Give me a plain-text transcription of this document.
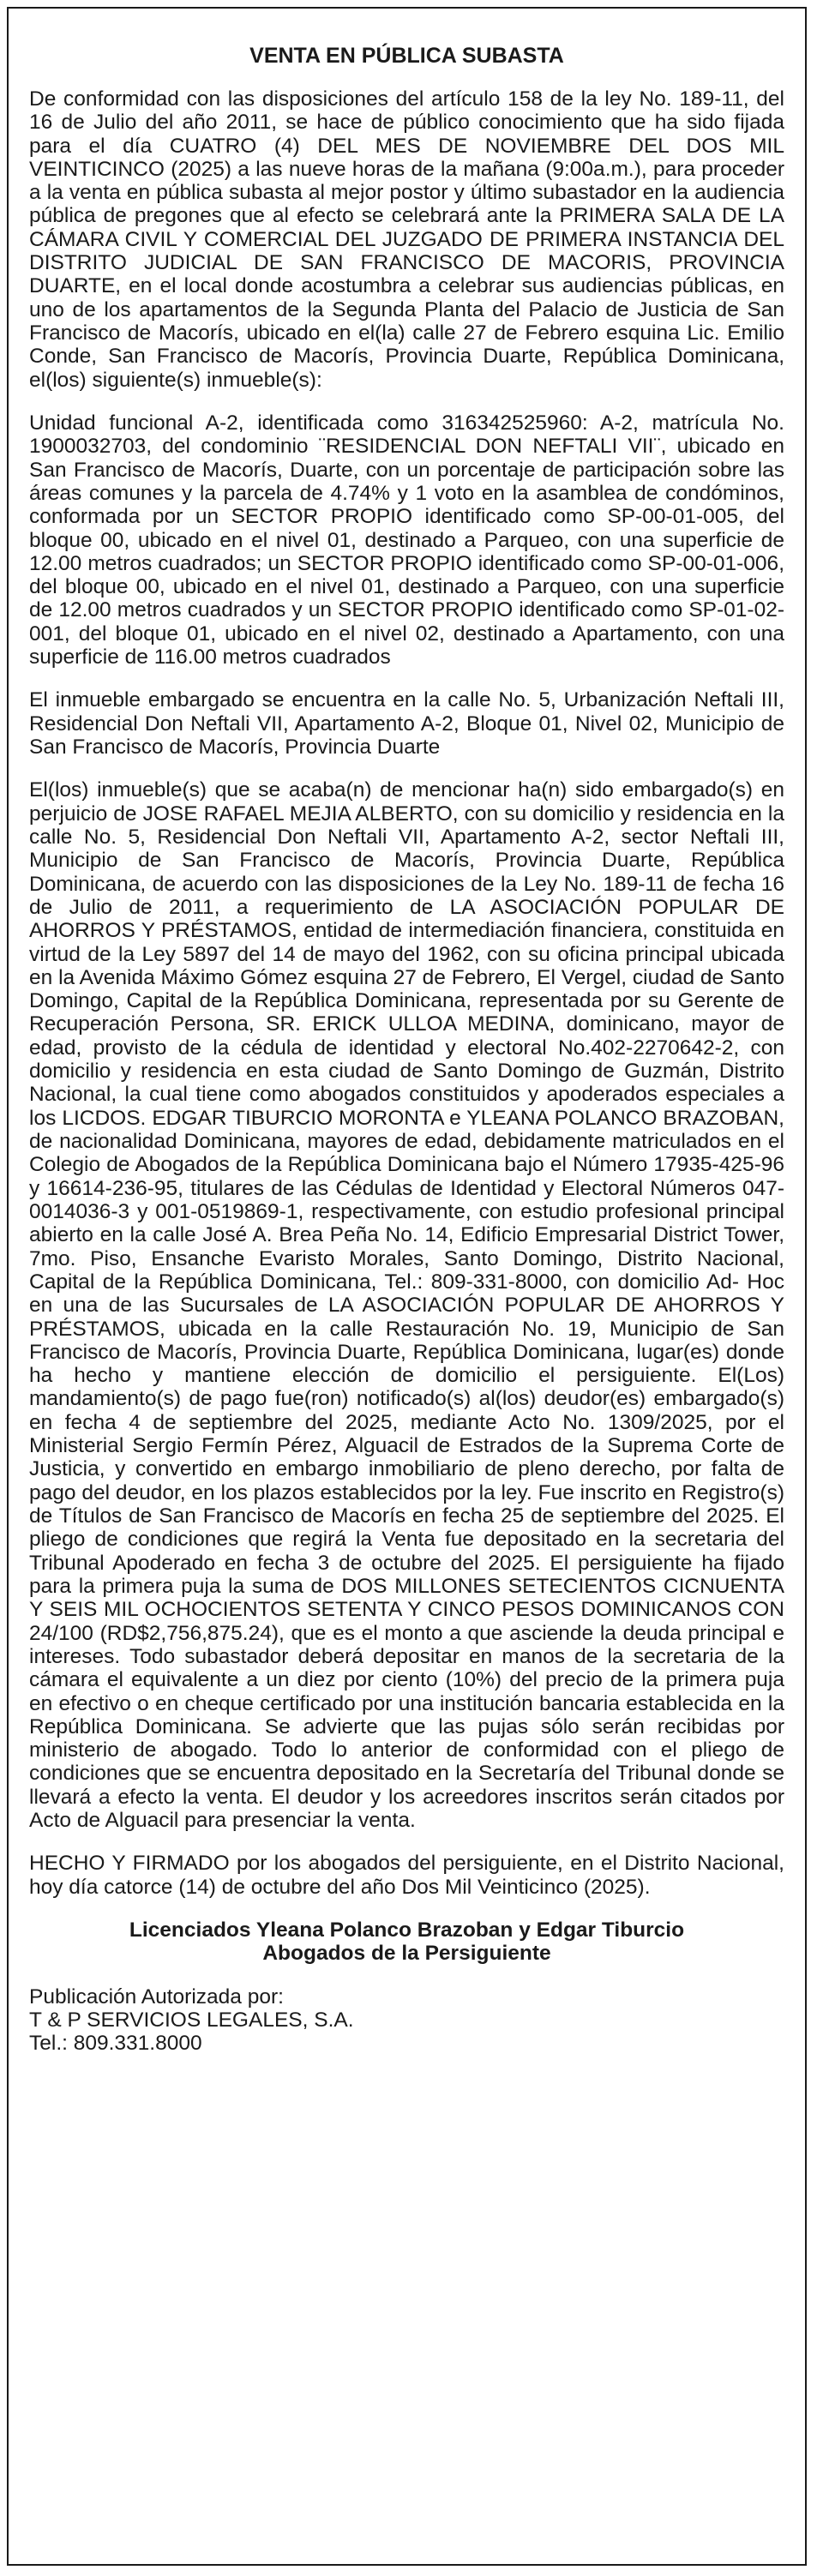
VENTA EN PÚBLICA SUBASTA
De conformidad con las disposiciones del artículo 158 de la ley No. 189-11, del 16 de Julio del año 2011, se hace de público conocimiento que ha sido fijada para el día CUATRO (4) DEL MES DE NOVIEMBRE DEL DOS MIL VEINTICINCO (2025) a las nueve horas de la mañana (9:00a.m.), para proceder a la venta en pública subasta al mejor postor y último subastador en la audiencia pública de pregones que al efecto se celebrará ante la PRIMERA SALA DE LA CÁMARA CIVIL Y COMERCIAL DEL JUZGADO DE PRIMERA INSTANCIA DEL DISTRITO JUDICIAL DE SAN FRANCISCO DE MACORIS, PROVINCIA DUARTE, en el local donde acostumbra a celebrar sus audiencias públicas, en uno de los apartamentos de la Segunda Planta del Palacio de Justicia de San Francisco de Macorís, ubicado en el(la) calle 27 de Febrero esquina Lic. Emilio Conde, San Francisco de Macorís, Provincia Duarte, República Dominicana, el(los) siguiente(s) inmueble(s):
Unidad funcional A-2, identificada como 316342525960: A-2, matrícula No. 1900032703, del condominio ¨RESIDENCIAL DON NEFTALI VII¨, ubicado en San Francisco de Macorís, Duarte, con un porcentaje de participación sobre las áreas comunes y la parcela de 4.74% y 1 voto en la asamblea de condóminos, conformada por un SECTOR PROPIO identificado como SP-00-01-005, del bloque 00, ubicado en el nivel 01, destinado a Parqueo, con una superficie de 12.00 metros cuadrados; un SECTOR PROPIO identificado como SP-00-01-006, del bloque 00, ubicado en el nivel 01, destinado a Parqueo, con una superficie de 12.00 metros cuadrados y un SECTOR PROPIO identificado como SP-01-02-001, del bloque 01, ubicado en el nivel 02, destinado a Apartamento, con una superficie de 116.00 metros cuadrados
El inmueble embargado se encuentra en la calle No. 5, Urbanización Neftali III, Residencial Don Neftali VII, Apartamento A-2, Bloque 01, Nivel 02, Municipio de San Francisco de Macorís, Provincia Duarte
El(los) inmueble(s) que se acaba(n) de mencionar ha(n) sido embargado(s) en perjuicio de JOSE RAFAEL MEJIA ALBERTO, con su domicilio y residencia en la calle No. 5, Residencial Don Neftali VII, Apartamento A-2, sector Neftali III, Municipio de San Francisco de Macorís, Provincia Duarte, República Dominicana, de acuerdo con las disposiciones de la Ley No. 189-11 de fecha 16 de Julio de 2011, a requerimiento de LA ASOCIACIÓN POPULAR DE AHORROS Y PRÉSTAMOS, entidad de intermediación financiera, constituida en virtud de la Ley 5897 del 14 de mayo del 1962, con su oficina principal ubicada en la Avenida Máximo Gómez esquina 27 de Febrero, El Vergel, ciudad de Santo Domingo, Capital de la República Dominicana, representada por su Gerente de Recuperación Persona, SR. ERICK ULLOA MEDINA, dominicano, mayor de edad, provisto de la cédula de identidad y electoral No.402-2270642-2, con domicilio y residencia en esta ciudad de Santo Domingo de Guzmán, Distrito Nacional, la cual tiene como abogados constituidos y apoderados especiales a los LICDOS. EDGAR TIBURCIO MORONTA e YLEANA POLANCO BRAZOBAN, de nacionalidad Dominicana, mayores de edad, debidamente matriculados en el Colegio de Abogados de la República Dominicana bajo el Número 17935-425-96 y 16614-236-95, titulares de las Cédulas de Identidad y Electoral Números 047-0014036-3 y 001-0519869-1, respectivamente, con estudio profesional principal abierto en la calle José A. Brea Peña No. 14, Edificio Empresarial District Tower, 7mo. Piso, Ensanche Evaristo Morales, Santo Domingo, Distrito Nacional, Capital de la República Dominicana, Tel.: 809-331-8000, con domicilio Ad- Hoc en una de las Sucursales de LA ASOCIACIÓN POPULAR DE AHORROS Y PRÉSTAMOS, ubicada en la calle Restauración No. 19, Municipio de San Francisco de Macorís, Provincia Duarte, República Dominicana, lugar(es) donde ha hecho y mantiene elección de domicilio el persiguiente. El(Los) mandamiento(s) de pago fue(ron) notificado(s) al(los) deudor(es) embargado(s) en fecha 4 de septiembre del 2025, mediante Acto No. 1309/2025, por el Ministerial Sergio Fermín Pérez, Alguacil de Estrados de la Suprema Corte de Justicia, y convertido en embargo inmobiliario de pleno derecho, por falta de pago del deudor, en los plazos establecidos por la ley. Fue inscrito en Registro(s) de Títulos de San Francisco de Macorís en fecha 25 de septiembre del 2025. El pliego de condiciones que regirá la Venta fue depositado en la secretaria del Tribunal Apoderado en fecha 3 de octubre del 2025. El persiguiente ha fijado para la primera puja la suma de DOS MILLONES SETECIENTOS CICNUENTA Y SEIS MIL OCHOCIENTOS SETENTA Y CINCO PESOS DOMINICANOS CON 24/100 (RD$2,756,875.24), que es el monto a que asciende la deuda principal e intereses. Todo subastador deberá depositar en manos de la secretaria de la cámara el equivalente a un diez por ciento (10%) del precio de la primera puja en efectivo o en cheque certificado por una institución bancaria establecida en la República Dominicana. Se advierte que las pujas sólo serán recibidas por ministerio de abogado. Todo lo anterior de conformidad con el pliego de condiciones que se encuentra depositado en la Secretaría del Tribunal donde se llevará a efecto la venta. El deudor y los acreedores inscritos serán citados por Acto de Alguacil para presenciar la venta.
HECHO Y FIRMADO por los abogados del persiguiente, en el Distrito Nacional, hoy día catorce (14) de octubre del año Dos Mil Veinticinco (2025).
Licenciados Yleana Polanco Brazoban y Edgar Tiburcio
Abogados de la Persiguiente
Publicación Autorizada por:
T & P SERVICIOS LEGALES, S.A.
Tel.: 809.331.8000
